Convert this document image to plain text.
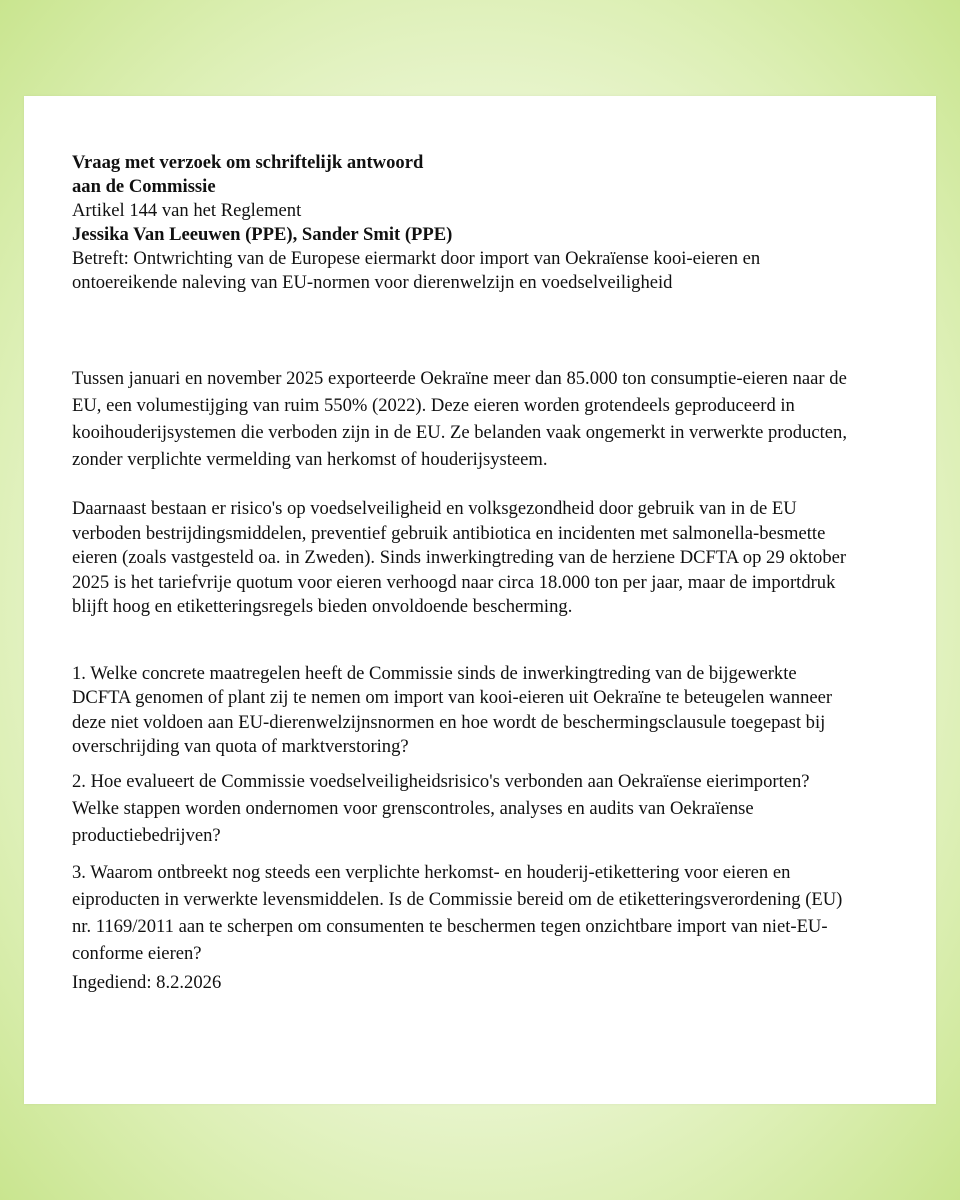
Vraag met verzoek om schriftelijk antwoord
aan de Commissie
Artikel 144 van het Reglement
Jessika Van Leeuwen (PPE), Sander Smit (PPE)
Betreft: Ontwrichting van de Europese eiermarkt door import van Oekraïense kooi-eieren en ontoereikende naleving van EU-normen voor dierenwelzijn en voedselveiligheid
Tussen januari en november 2025 exporteerde Oekraïne meer dan 85.000 ton consumptie-eieren naar de EU, een volumestijging van ruim 550% (2022). Deze eieren worden grotendeels geproduceerd in kooihouderijsystemen die verboden zijn in de EU. Ze belanden vaak ongemerkt in verwerkte producten, zonder verplichte vermelding van herkomst of houderijsysteem.
Daarnaast bestaan er risico's op voedselveiligheid en volksgezondheid door gebruik van in de EU verboden bestrijdingsmiddelen, preventief gebruik antibiotica en incidenten met salmonella-besmette eieren (zoals vastgesteld oa. in Zweden). Sinds inwerkingtreding van de herziene DCFTA op 29 oktober 2025 is het tariefvrije quotum voor eieren verhoogd naar circa 18.000 ton per jaar, maar de importdruk blijft hoog en etiketteringsregels bieden onvoldoende bescherming.
1. Welke concrete maatregelen heeft de Commissie sinds de inwerkingtreding van de bijgewerkte DCFTA genomen of plant zij te nemen om import van kooi-eieren uit Oekraïne te beteugelen wanneer deze niet voldoen aan EU-dierenwelzijnsnormen en hoe wordt de beschermingsclausule toegepast bij overschrijding van quota of marktverstoring?
2. Hoe evalueert de Commissie voedselveiligheidsrisico's verbonden aan Oekraïense eierimporten? Welke stappen worden ondernomen voor grenscontroles, analyses en audits van Oekraïense productiebedrijven?
3. Waarom ontbreekt nog steeds een verplichte herkomst- en houderij-etikettering voor eieren en eiproducten in verwerkte levensmiddelen. Is de Commissie bereid om de etiketteringsverordening (EU) nr. 1169/2011 aan te scherpen om consumenten te beschermen tegen onzichtbare import van niet-EU-conforme eieren?
Ingediend: 8.2.2026
